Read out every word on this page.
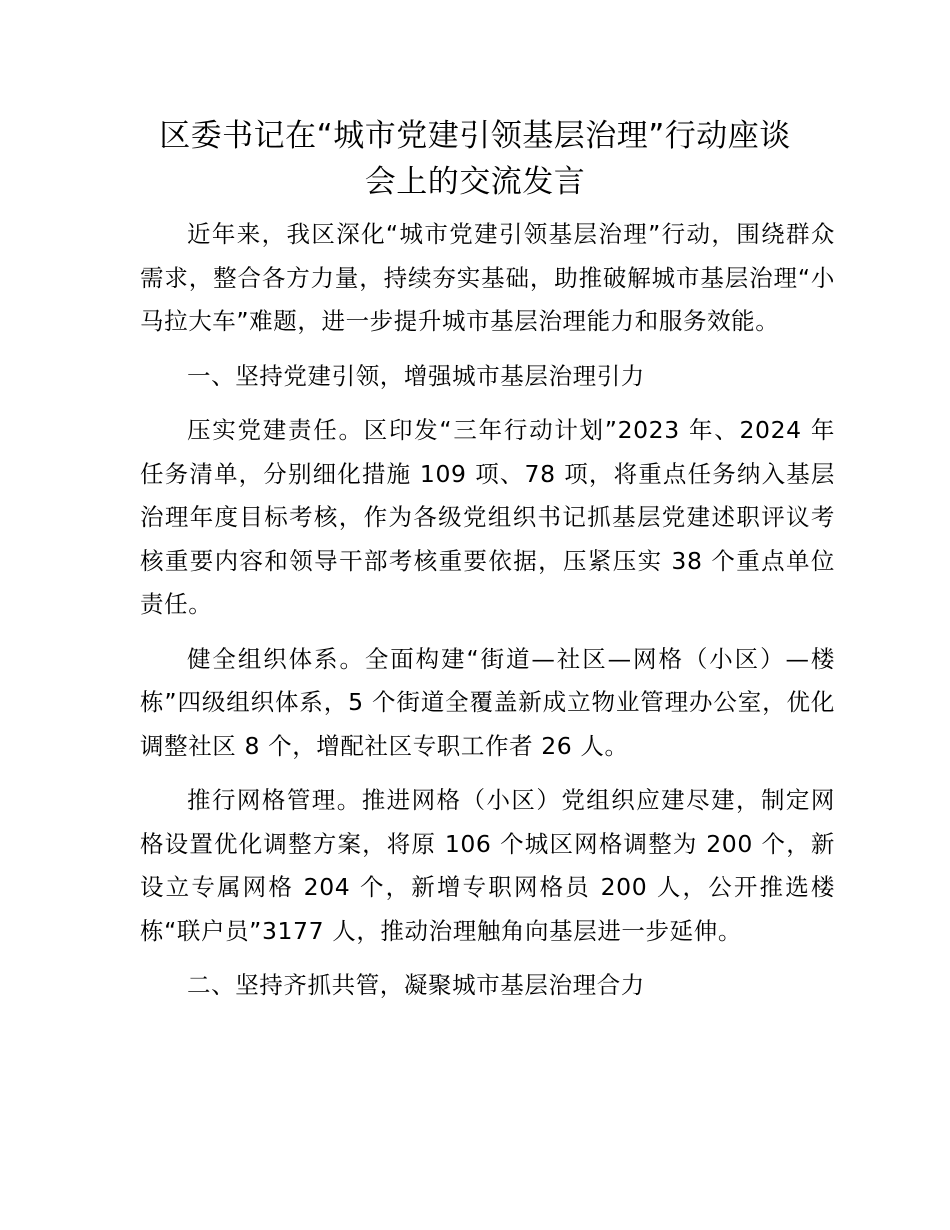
区委书记在“城市党建引领基层治理”行动座谈
会上的交流发言

近年来，我区深化“城市党建引领基层治理”行动，围绕群众需求，整合各方力量，持续夯实基础，助推破解城市基层治理“小马拉大车”难题，进一步提升城市基层治理能力和服务效能。

一、坚持党建引领，增强城市基层治理引力

压实党建责任。区印发“三年行动计划”2023 年、2024 年任务清单，分别细化措施 109 项、78 项，将重点任务纳入基层治理年度目标考核，作为各级党组织书记抓基层党建述职评议考核重要内容和领导干部考核重要依据，压紧压实 38 个重点单位责任。

健全组织体系。全面构建“街道—社区—网格（小区）—楼栋”四级组织体系，5 个街道全覆盖新成立物业管理办公室，优化调整社区 8 个，增配社区专职工作者 26 人。

推行网格管理。推进网格（小区）党组织应建尽建，制定网格设置优化调整方案，将原 106 个城区网格调整为 200 个，新设立专属网格 204 个，新增专职网格员 200 人，公开推选楼栋“联户员”3177 人，推动治理触角向基层进一步延伸。

二、坚持齐抓共管，凝聚城市基层治理合力
